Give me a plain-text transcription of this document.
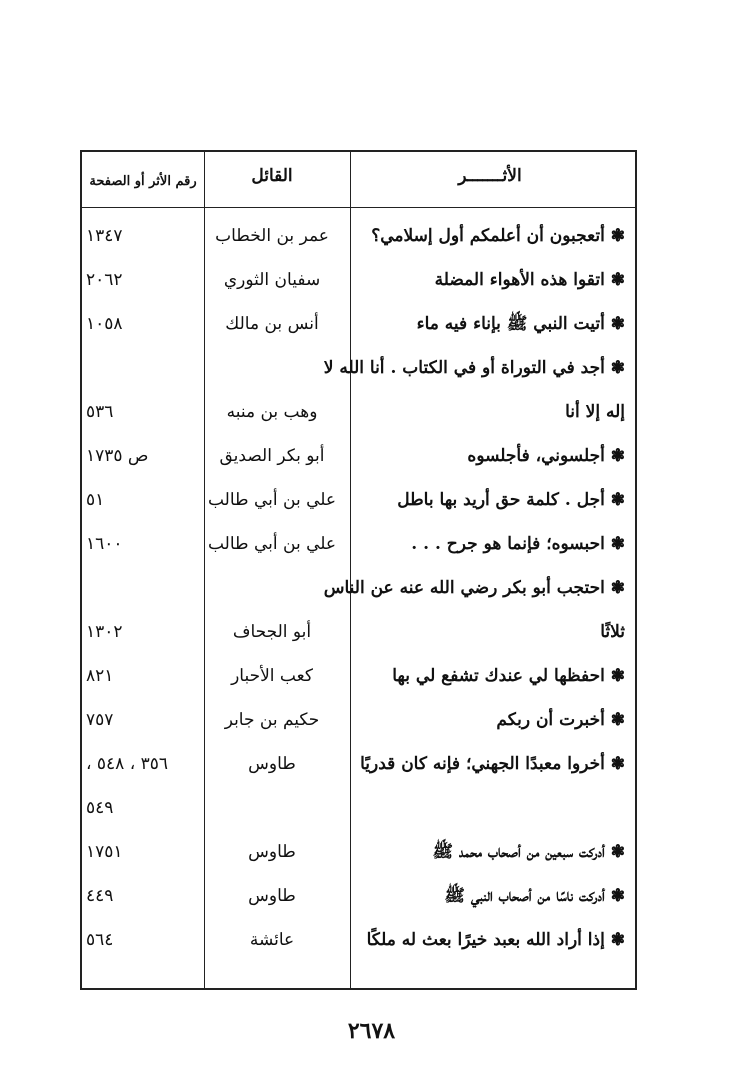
الأثـــــــر
القائل
رقم الأثر أو الصفحة
❃ أتعجبون أن أعلمكم أول إسلامي؟
عمر بن الخطاب
١٣٤٧
❃ اتقوا هذه الأهواء المضلة
سفيان الثوري
٢٠٦٢
❃ أتيت النبي ﷺ بإناء فيه ماء
أنس بن مالك
١٠٥٨
❃ أجد في التوراة أو في الكتاب . أنا الله لا
إله إلا أنا
وهب بن منبه
٥٣٦
❃ أجلسوني، فأجلسوه
أبو بكر الصديق
ص ١٧٣٥
❃ أجل . كلمة حق أريد بها باطل
علي بن أبي طالب
٥١
❃ احبسوه؛ فإنما هو جرح . . .
علي بن أبي طالب
١٦٠٠
❃ احتجب أبو بكر رضي الله عنه عن الناس
ثلاثًا
أبو الجحاف
١٣٠٢
❃ احفظها لي عندك تشفع لي بها
كعب الأحبار
٨٢١
❃ أخبرت أن ربكم
حكيم بن جابر
٧٥٧
❃ أخروا معبدًا الجهني؛ فإنه كان قدريًا
طاوس
٣٥٦ ، ٥٤٨ ،
٥٤٩
❃ أدركت سبعين من أصحاب محمد ﷺ
طاوس
١٧٥١
❃ أدركت ناسًا من أصحاب النبي ﷺ
طاوس
٤٤٩
❃ إذا أراد الله بعبد خيرًا بعث له ملكًا
عائشة
٥٦٤
٢٦٧٨
